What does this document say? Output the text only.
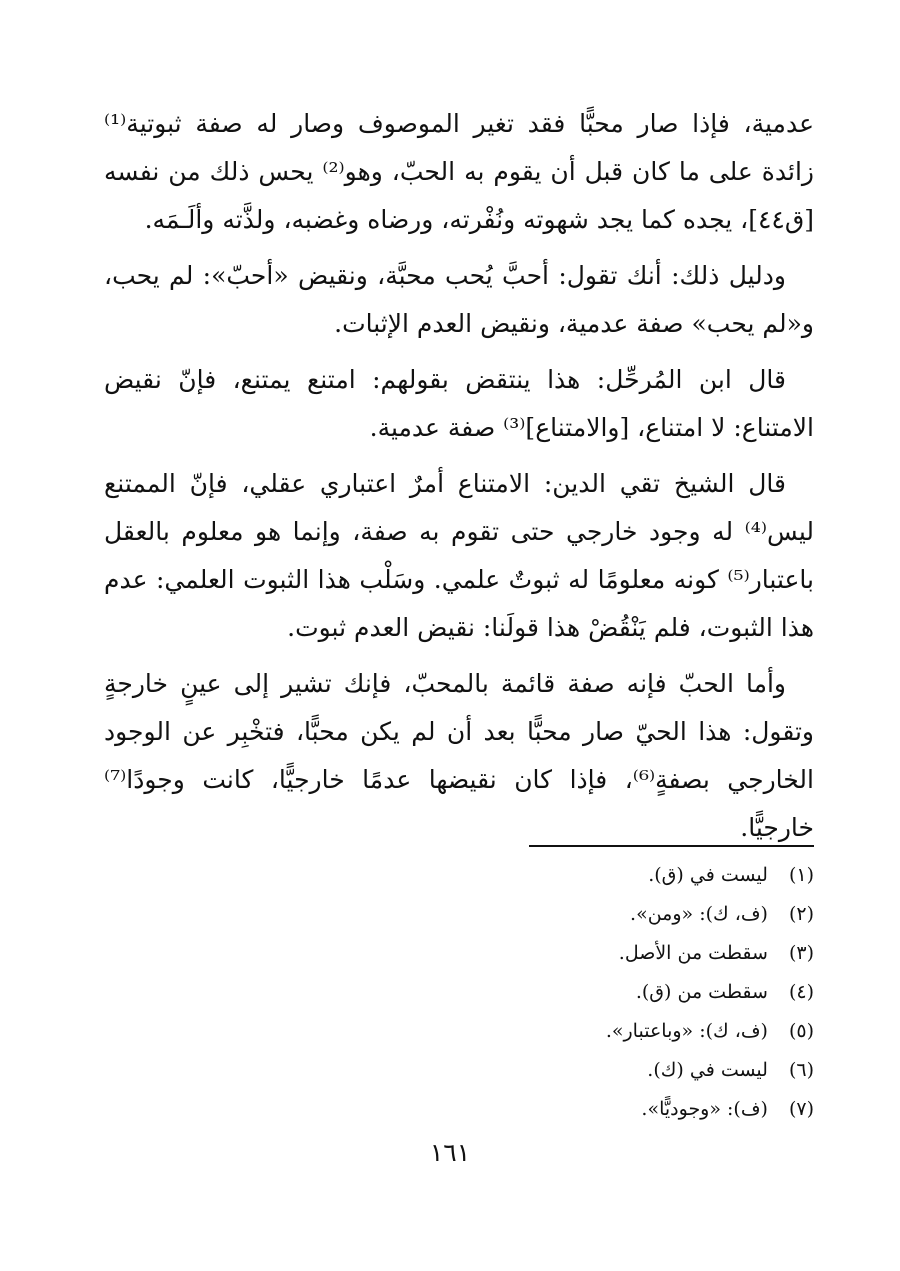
عدمية، فإذا صار محبًّا فقد تغير الموصوف وصار له صفة ثبوتية⁽¹⁾ زائدة على ما كان قبل أن يقوم به الحبّ، وهو⁽²⁾ يحس ذلك من نفسه [ق٤٤]، يجده كما يجد شهوته ونُفْرته، ورضاه وغضبه، ولذَّته وألَـمَه.

ودليل ذلك: أنك تقول: أحبَّ يُحب محبَّة، ونقيض «أحبّ»: لم يحب، و«لم يحب» صفة عدمية، ونقيض العدم الإثبات.

قال ابن المُرحِّل: هذا ينتقض بقولهم: امتنع يمتنع، فإنّ نقيض الامتناع: لا امتناع، [والامتناع]⁽³⁾ صفة عدمية.

قال الشيخ تقي الدين: الامتناع أمرٌ اعتباري عقلي، فإنّ الممتنع ليس⁽⁴⁾ له وجود خارجي حتى تقوم به صفة، وإنما هو معلوم بالعقل باعتبار⁽⁵⁾ كونه معلومًا له ثبوتٌ علمي. وسَلْب هذا الثبوت العلمي: عدم هذا الثبوت، فلم يَنْقُضْ هذا قولَنا: نقيض العدم ثبوت.

وأما الحبّ فإنه صفة قائمة بالمحبّ، فإنك تشير إلى عينٍ خارجةٍ وتقول: هذا الحيّ صار محبًّا بعد أن لم يكن محبًّا، فتخْبِر عن الوجود الخارجي بصفةٍ⁽⁶⁾، فإذا كان نقيضها عدمًا خارجيًّا، كانت وجودًا⁽⁷⁾ خارجيًّا.

(١) ليست في (ق).
(٢) (ف، ك): «ومن».
(٣) سقطت من الأصل.
(٤) سقطت من (ق).
(٥) (ف، ك): «وباعتبار».
(٦) ليست في (ك).
(٧) (ف): «وجوديًّا».
١٦١
